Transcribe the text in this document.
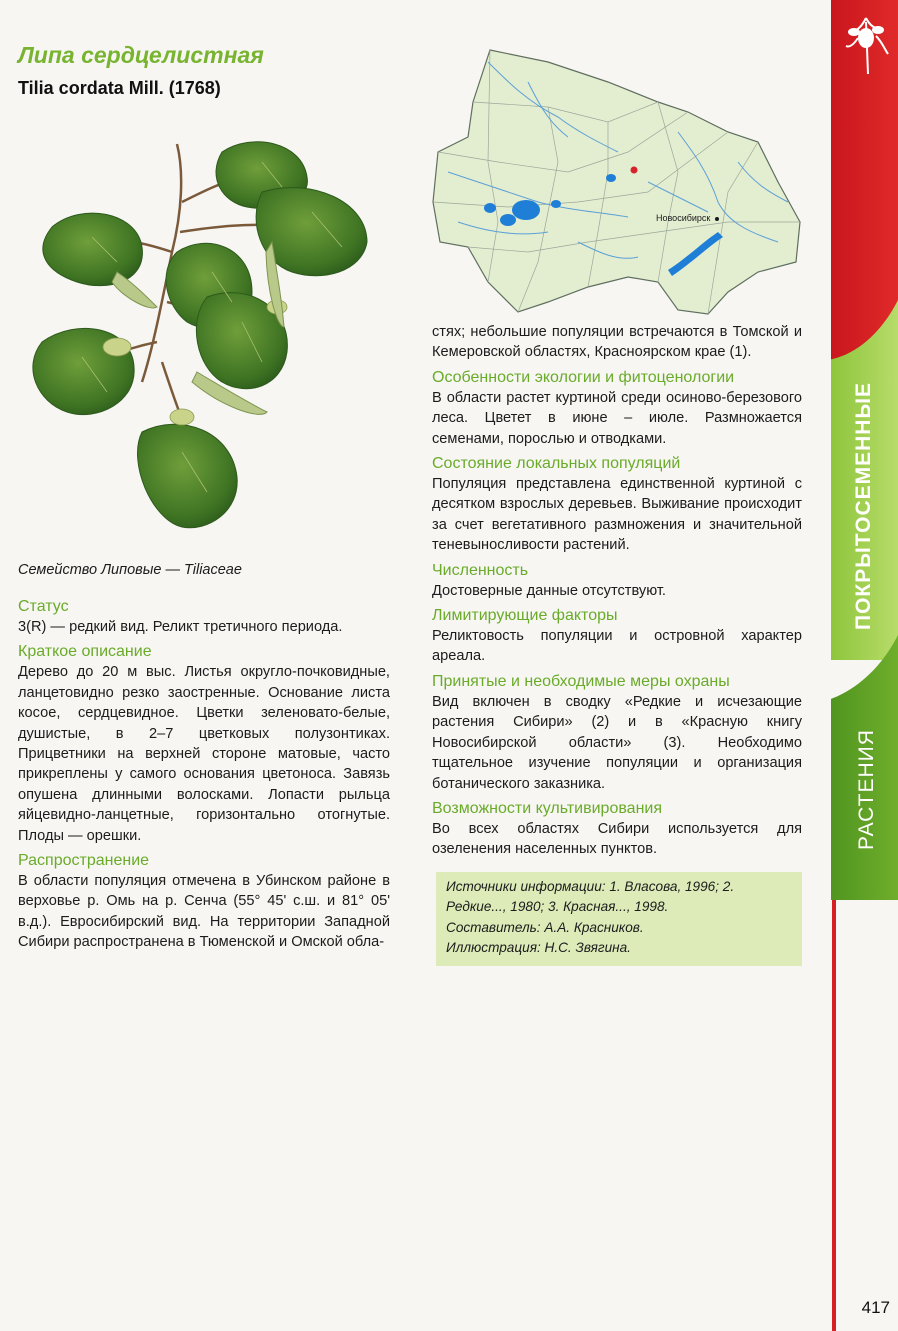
ПОКРЫТОСЕМЕННЫЕ
РАСТЕНИЯ
Липа сердцелистная
Tilia cordata Mill. (1768)
Семейство Липовые — Tiliaceae
Статус

3(R) — редкий вид. Реликт третичного периода.

Краткое описание

Дерево до 20 м выс. Листья округло-почковидные, ланцетовидно резко заостренные. Основание листа косое, сердцевидное. Цветки зеленовато-белые, душистые, в 2–7 цветковых полузонтиках. Прицветники на верхней стороне матовые, часто прикреплены у самого основания цветоноса. Завязь опушена длинными волосками. Лопасти рыльца яйцевидно-ланцетные, горизонтально отогнутые. Плоды — орешки.

Распространение

В области популяция отмечена в Убинском районе в верховье р. Омь на р. Сенча (55° 45' с.ш. и 81° 05' в.д.). Евросибирский вид. На территории Западной Сибири распространена в Тюменской и Омской обла-

Новосибирск

стях; небольшие популяции встречаются в Томской и Кемеровской областях, Красноярском крае (1).

Особенности экологии и фитоценологии

В области растет куртиной среди осиново-березового леса. Цветет в июне – июле. Размножается семенами, порослью и отводками.

Состояние локальных популяций

Популяция представлена единственной куртиной с десятком взрослых деревьев. Выживание происходит за счет вегетативного размножения и значительной теневыносливости растений.

Численность

Достоверные данные отсутствуют.

Лимитирующие факторы

Реликтовость популяции и островной характер ареала.

Принятые и необходимые меры охраны

Вид включен в сводку «Редкие и исчезающие растения Сибири» (2) и в «Красную книгу Новосибирской области» (3). Необходимо тщательное изучение популяции и организация ботанического заказника.

Возможности культивирования

Во всех областях Сибири используется для озеленения населенных пунктов.

Источники информации: 1. Власова, 1996; 2. Редкие..., 1980; 3. Красная..., 1998.

Составитель: А.А. Красников.

Иллюстрация: Н.С. Звягина.

417
